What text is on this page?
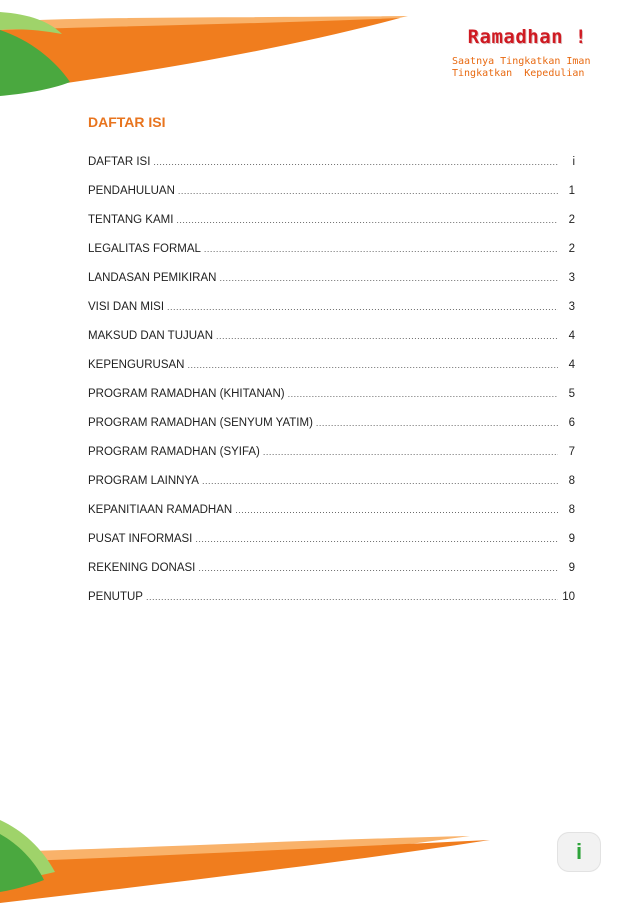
Ramadhan !
Saatnya Tingkatkan Iman
Tingkatkan  Kepedulian
DAFTAR ISI
DAFTAR ISI .....	i
PENDAHULUAN .....	1
TENTANG KAMI .....	2
LEGALITAS FORMAL .....	2
LANDASAN PEMIKIRAN .....	3
VISI DAN MISI .....	3
MAKSUD DAN TUJUAN .....	4
KEPENGURUSAN .....	4
PROGRAM RAMADHAN (KHITANAN) .....	5
PROGRAM RAMADHAN (SENYUM YATIM) .....	6
PROGRAM RAMADHAN (SYIFA) .....	7
PROGRAM LAINNYA .....	8
KEPANITIAAN RAMADHAN .....	8
PUSAT INFORMASI .....	9
REKENING DONASI .....	9
PENUTUP .....	10
i
